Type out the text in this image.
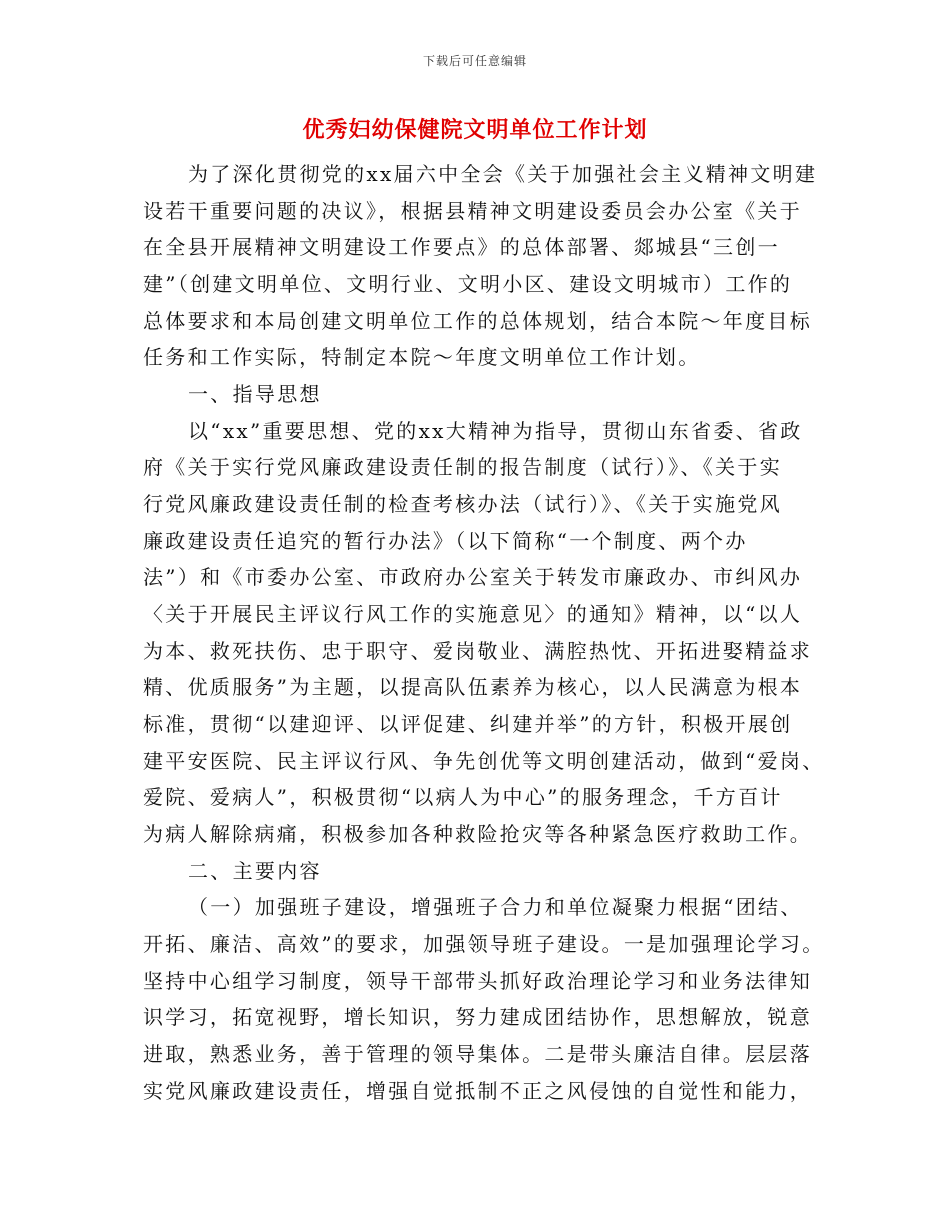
下载后可任意编辑
优秀妇幼保健院文明单位工作计划
为了深化贯彻党的xx届六中全会《关于加强社会主义精神文明建
设若干重要问题的决议》，根据县精神文明建设委员会办公室《关于
在全县开展精神文明建设工作要点》的总体部署、郯城县“三创一
建”（创建文明单位、文明行业、文明小区、建设文明城市）工作的
总体要求和本局创建文明单位工作的总体规划，结合本院～年度目标
任务和工作实际，特制定本院～年度文明单位工作计划。
一、指导思想
以“xx”重要思想、党的xx大精神为指导，贯彻山东省委、省政
府《关于实行党风廉政建设责任制的报告制度（试行）》、《关于实
行党风廉政建设责任制的检查考核办法（试行）》、《关于实施党风
廉政建设责任追究的暂行办法》（以下简称“一个制度、两个办
法”）和《市委办公室、市政府办公室关于转发市廉政办、市纠风办
〈关于开展民主评议行风工作的实施意见〉的通知》精神，以“以人
为本、救死扶伤、忠于职守、爱岗敬业、满腔热忱、开拓进娶精益求
精、优质服务”为主题，以提高队伍素养为核心，以人民满意为根本
标准，贯彻“以建迎评、以评促建、纠建并举”的方针，积极开展创
建平安医院、民主评议行风、争先创优等文明创建活动，做到“爱岗、
爱院、爱病人”，积极贯彻“以病人为中心”的服务理念，千方百计
为病人解除病痛，积极参加各种救险抢灾等各种紧急医疗救助工作。
二、主要内容
（一）加强班子建设，增强班子合力和单位凝聚力根据“团结、
开拓、廉洁、高效”的要求，加强领导班子建设。一是加强理论学习。
坚持中心组学习制度，领导干部带头抓好政治理论学习和业务法律知
识学习，拓宽视野，增长知识，努力建成团结协作，思想解放，锐意
进取，熟悉业务，善于管理的领导集体。二是带头廉洁自律。层层落
实党风廉政建设责任，增强自觉抵制不正之风侵蚀的自觉性和能力，
